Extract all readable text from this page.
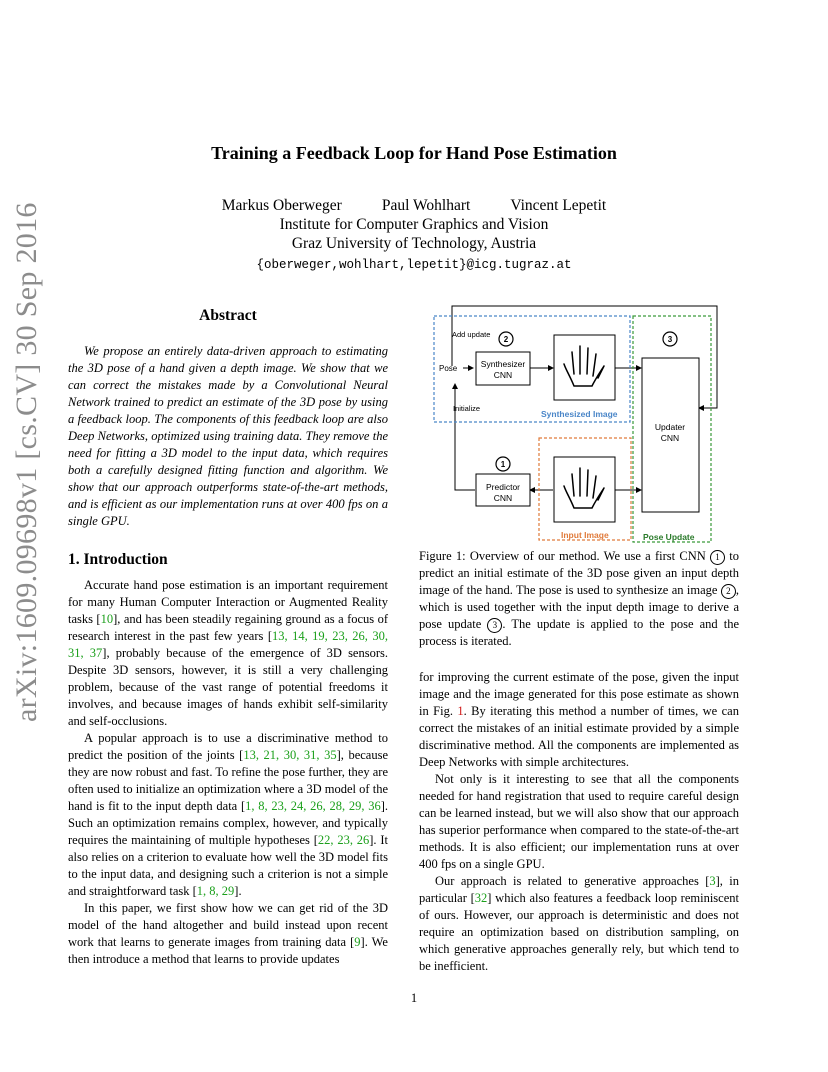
arXiv:1609.09698v1 [cs.CV] 30 Sep 2016
Training a Feedback Loop for Hand Pose Estimation
Markus Oberweger	Paul Wohlhart	Vincent Lepetit
Institute for Computer Graphics and Vision
Graz University of Technology, Austria
{oberweger,wohlhart,lepetit}@icg.tugraz.at
Abstract
We propose an entirely data-driven approach to estimating the 3D pose of a hand given a depth image. We show that we can correct the mistakes made by a Convolutional Neural Network trained to predict an estimate of the 3D pose by using a feedback loop. The components of this feedback loop are also Deep Networks, optimized using training data. They remove the need for fitting a 3D model to the input data, which requires both a carefully designed fitting function and algorithm. We show that our approach outperforms state-of-the-art methods, and is efficient as our implementation runs at over 400 fps on a single GPU.
Synthesizer
CNN
Predictor
CNN
Updater
CNN
Add update
Pose
Initialize
Synthesized Image
Input Image	Pose Update
2
1
3
Figure 1: Overview of our method. We use a first CNN 1 to predict an initial estimate of the 3D pose given an input depth image of the hand. The pose is used to synthesize an image 2 , which is used together with the input depth image to derive a pose update 3 . The update is applied to the pose and the process is iterated.
1. Introduction

Accurate hand pose estimation is an important requirement for many Human Computer Interaction or Augmented Reality tasks [10], and has been steadily regaining ground as a focus of research interest in the past few years [13, 14, 19, 23, 26, 30, 31, 37], probably because of the emergence of 3D sensors. Despite 3D sensors, however, it is still a very challenging problem, because of the vast range of potential freedoms it involves, and because images of hands exhibit self-similarity and self-occlusions.

A popular approach is to use a discriminative method to predict the position of the joints [13, 21, 30, 31, 35], because they are now robust and fast. To refine the pose further, they are often used to initialize an optimization where a 3D model of the hand is fit to the input depth data [1, 8, 23, 24, 26, 28, 29, 36]. Such an optimization remains complex, however, and typically requires the maintaining of multiple hypotheses [22, 23, 26]. It also relies on a criterion to evaluate how well the 3D model fits to the input data, and designing such a criterion is not a simple and straightforward task [1, 8, 29].

In this paper, we first show how we can get rid of the 3D model of the hand altogether and build instead upon recent work that learns to generate images from training data [9]. We then introduce a method that learns to provide updates

for improving the current estimate of the pose, given the input image and the image generated for this pose estimate as shown in Fig. 1. By iterating this method a number of times, we can correct the mistakes of an initial estimate provided by a simple discriminative method. All the components are implemented as Deep Networks with simple architectures.

Not only is it interesting to see that all the components needed for hand registration that used to require careful design can be learned instead, but we will also show that our approach has superior performance when compared to the state-of-the-art methods. It is also efficient; our implementation runs at over 400 fps on a single GPU.

Our approach is related to generative approaches [3], in particular [32] which also features a feedback loop reminiscent of ours. However, our approach is deterministic and does not require an optimization based on distribution sampling, on which generative approaches generally rely, but which tend to be inefficient.

1
